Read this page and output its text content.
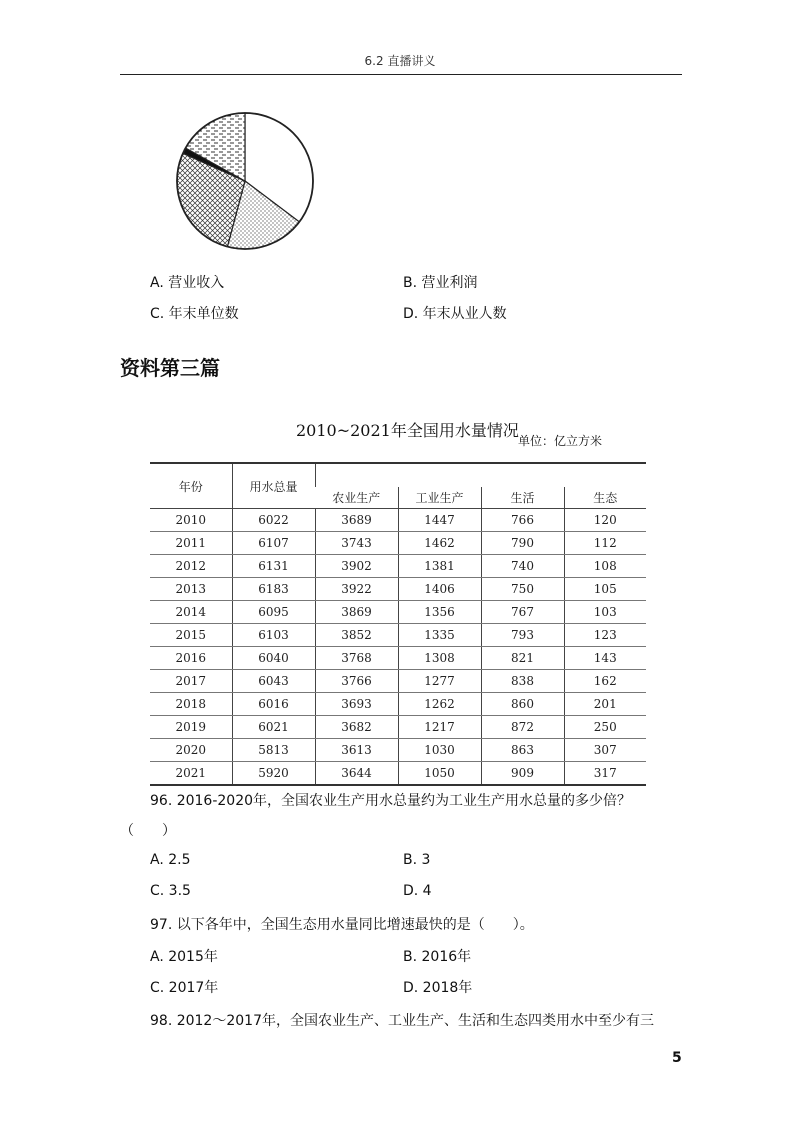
6.2 直播讲义
A. 营业收入	B. 营业利润
C. 年末单位数	D. 年末从业人数
资料第三篇
2010~2021年全国用水量情况
单位：亿立方米
年份	用水总量				
		农业生产	工业生产	生活	生态
2010	6022	3689	1447	766	120
2011	6107	3743	1462	790	112
2012	6131	3902	1381	740	108
2013	6183	3922	1406	750	105
2014	6095	3869	1356	767	103
2015	6103	3852	1335	793	123
2016	6040	3768	1308	821	143
2017	6043	3766	1277	838	162
2018	6016	3693	1262	860	201
2019	6021	3682	1217	872	250
2020	5813	3613	1030	863	307
2021	5920	3644	1050	909	317
96. 2016-2020年，全国农业生产用水总量约为工业生产用水总量的多少倍？
（　　）
A. 2.5	B. 3
C. 3.5	D. 4
97. 以下各年中，全国生态用水量同比增速最快的是（　　）。
A. 2015年	B. 2016年
C. 2017年	D. 2018年
98. 2012～2017年，全国农业生产、工业生产、生活和生态四类用水中至少有三
5
